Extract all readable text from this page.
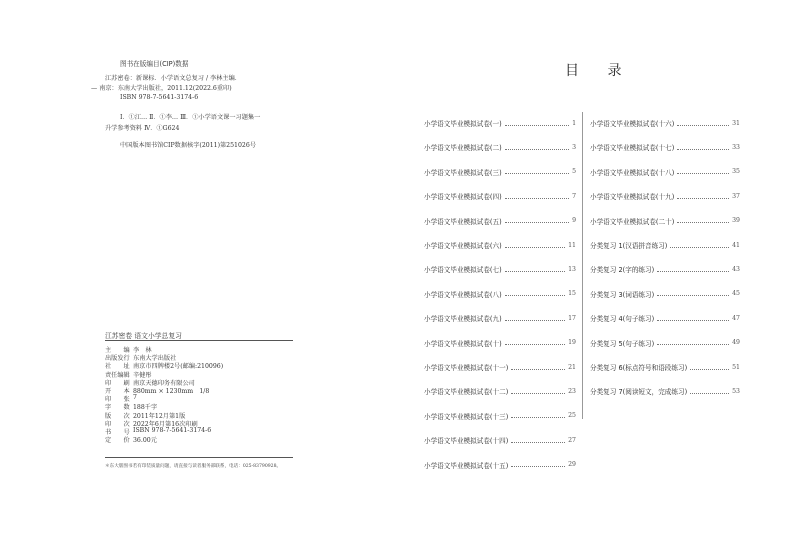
图书在版编目(CIP)数据
江苏密卷：新课标．小学语文总复习 / 李林主编．
— 南京：东南大学出版社，2011.12(2022.6重印)
ISBN 978-7-5641-3174-6
Ⅰ．①江… Ⅱ．①李… Ⅲ．①小学语文课一习题集一
升学参考资料 Ⅳ．①G624
中国版本图书馆CIP数据核字(2011)第251026号
江苏密卷 语文小学总复习
主　　编 李　林
出版发行 东南大学出版社
社　　址 南京市四牌楼2号(邮编:210096)
责任编辑 辛健彤
印　　刷 南京天德印务有限公司
开　　本 880mm × 1230mm　1/8
印　　张 7
字　　数 188千字
版　　次 2011年12月第1版
印　　次 2022年6月第16次印刷
书　　号 ISBN 978-7-5641-3174-6
定　　价 36.00元
＊东大版图书若有印装质量问题，请直接与读者服务部联系，电话：025-83790928。
目 录
小学语文毕业模拟试卷(一)	1
小学语文毕业模拟试卷(二)	3
小学语文毕业模拟试卷(三)	5
小学语文毕业模拟试卷(四)	7
小学语文毕业模拟试卷(五)	9
小学语文毕业模拟试卷(六)	11
小学语文毕业模拟试卷(七)	13
小学语文毕业模拟试卷(八)	15
小学语文毕业模拟试卷(九)	17
小学语文毕业模拟试卷(十)	19
小学语文毕业模拟试卷(十一)	21
小学语文毕业模拟试卷(十二)	23
小学语文毕业模拟试卷(十三)	25
小学语文毕业模拟试卷(十四)	27
小学语文毕业模拟试卷(十五)	29
小学语文毕业模拟试卷(十六)	31
小学语文毕业模拟试卷(十七)	33
小学语文毕业模拟试卷(十八)	35
小学语文毕业模拟试卷(十九)	37
小学语文毕业模拟试卷(二十)	39
分类复习 1(汉语拼音练习)	41
分类复习 2(字的练习)	43
分类复习 3(词语练习)	45
分类复习 4(句子练习)	47
分类复习 5(句子练习)	49
分类复习 6(标点符号和语段练习)	51
分类复习 7(阅读短文，完成练习)	53
